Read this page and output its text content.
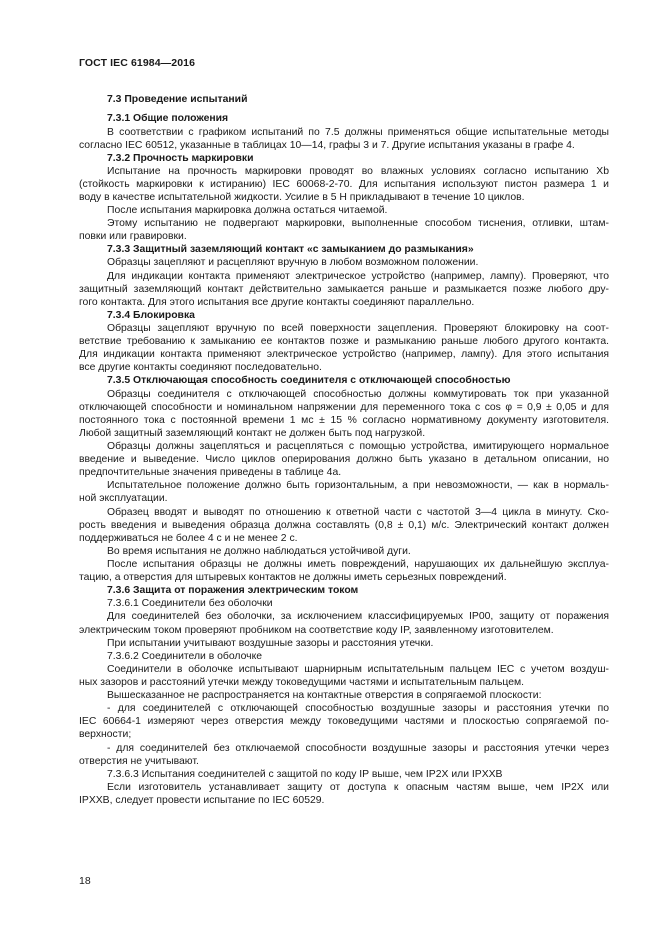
ГОСТ IEC 61984—2016
7.3 Проведение испытаний
7.3.1 Общие положения
В соответствии с графиком испытаний по 7.5 должны применяться общие испытательные методы
согласно IEC 60512, указанные в таблицах 10—14, графы 3 и 7. Другие испытания указаны в графе 4.
7.3.2 Прочность маркировки
Испытание на прочность маркировки проводят во влажных условиях согласно испытанию Xb
(стойкость маркировки к истиранию) IEC 60068-2-70. Для испытания используют пистон размера 1 и
воду в качестве испытательной жидкости. Усилие в 5 Н прикладывают в течение 10 циклов.
После испытания маркировка должна остаться читаемой.
Этому испытанию не подвергают маркировки, выполненные способом тиснения, отливки, штам-
повки или гравировки.
7.3.3 Защитный заземляющий контакт «с замыканием до размыкания»
Образцы зацепляют и расцепляют вручную в любом возможном положении.
Для индикации контакта применяют электрическое устройство (например, лампу). Проверяют, что
защитный заземляющий контакт действительно замыкается раньше и размыкается позже любого дру-
гого контакта. Для этого испытания все другие контакты соединяют параллельно.
7.3.4 Блокировка
Образцы зацепляют вручную по всей поверхности зацепления. Проверяют блокировку на соот-
ветствие требованию к замыканию ее контактов позже и размыканию раньше любого другого контакта.
Для индикации контакта применяют электрическое устройство (например, лампу). Для этого испытания
все другие контакты соединяют последовательно.
7.3.5 Отключающая способность соединителя с отключающей способностью
Образцы соединителя с отключающей способностью должны коммутировать ток при указанной
отключающей способности и номинальном напряжении для переменного тока с cos φ = 0,9 ± 0,05 и для
постоянного тока с постоянной времени 1 мс ± 15 % согласно нормативному документу изготовителя.
Любой защитный заземляющий контакт не должен быть под нагрузкой.
Образцы должны зацепляться и расцепляться с помощью устройства, имитирующего нормальное
введение и выведение. Число циклов оперирования должно быть указано в детальном описании, но
предпочтительные значения приведены в таблице 4а.
Испытательное положение должно быть горизонтальным, а при невозможности, — как в нормаль-
ной эксплуатации.
Образец вводят и выводят по отношению к ответной части с частотой 3—4 цикла в минуту. Ско-
рость введения и выведения образца должна составлять (0,8 ± 0,1) м/с. Электрический контакт должен
поддерживаться не более 4 с и не менее 2 с.
Во время испытания не должно наблюдаться устойчивой дуги.
После испытания образцы не должны иметь повреждений, нарушающих их дальнейшую эксплуа-
тацию, а отверстия для штыревых контактов не должны иметь серьезных повреждений.
7.3.6 Защита от поражения электрическим током
7.3.6.1 Соединители без оболочки
Для соединителей без оболочки, за исключением классифицируемых IP00, защиту от поражения
электрическим током проверяют пробником на соответствие коду IP, заявленному изготовителем.
При испытании учитывают воздушные зазоры и расстояния утечки.
7.3.6.2 Соединители в оболочке
Соединители в оболочке испытывают шарнирным испытательным пальцем IEC с учетом воздуш-
ных зазоров и расстояний утечки между токоведущими частями и испытательным пальцем.
Вышесказанное не распространяется на контактные отверстия в сопрягаемой плоскости:
- для соединителей с отключающей способностью воздушные зазоры и расстояния утечки по
IEC 60664-1 измеряют через отверстия между токоведущими частями и плоскостью сопрягаемой по-
верхности;
- для соединителей без отключаемой способности воздушные зазоры и расстояния утечки через
отверстия не учитывают.
7.3.6.3 Испытания соединителей с защитой по коду IP выше, чем IP2X или IPXXB
Если изготовитель устанавливает защиту от доступа к опасным частям выше, чем IP2X или
IPXXB, следует провести испытание по IEC 60529.
18
